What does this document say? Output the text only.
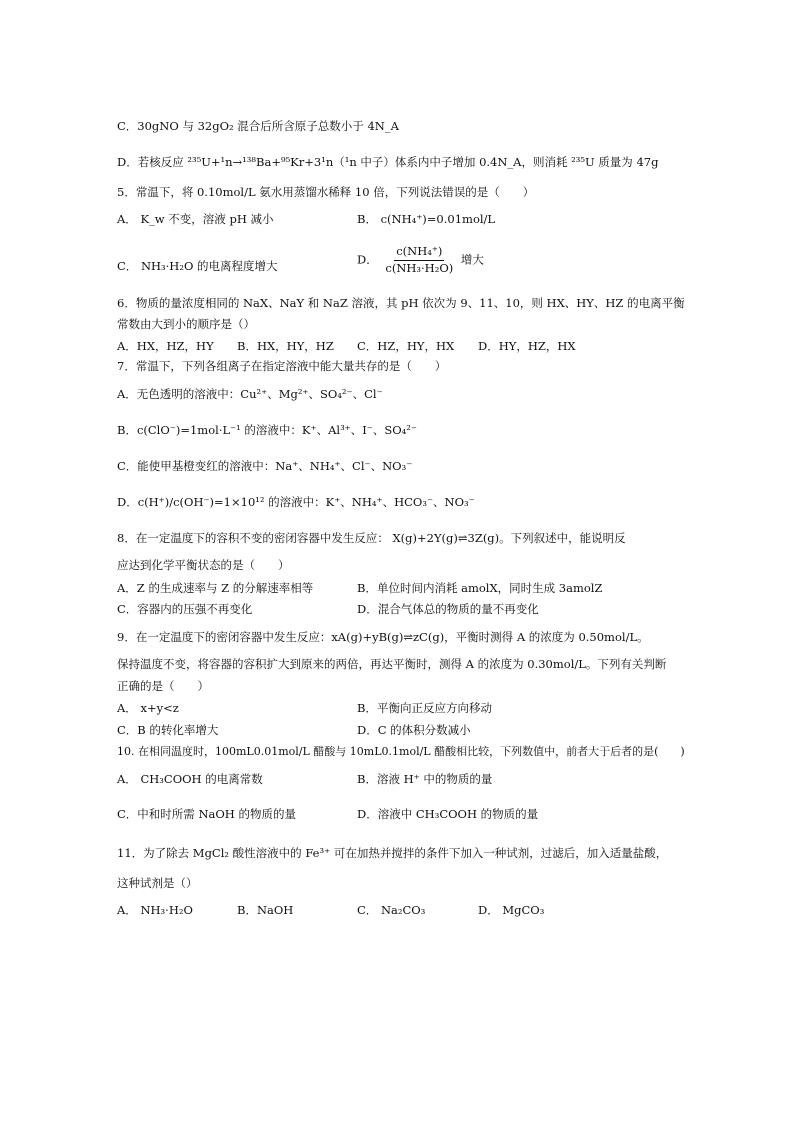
C．30gNO 与 32gO₂ 混合后所含原子总数小于 4N_A
D．若核反应 ²³⁵U+¹n→¹³⁸Ba+⁹⁵Kr+3¹n（¹n 中子）体系内中子增加 0.4N_A，则消耗 ²³⁵U 质量为 47g
5．常温下，将 0.10mol/L 氨水用蒸馏水稀释 10 倍，下列说法错误的是（　　）
A． K_w 不变，溶液 pH 减小	B． c(NH₄⁺)=0.01mol/L
C． NH₃·H₂O 的电离程度增大	D． $\frac{\text{c(NH₄⁺)}}{\text{c(NH₃·H₂O)}}$ 增大
6．物质的量浓度相同的 NaX、NaY 和 NaZ 溶液，其 pH 依次为 9、11、10，则 HX、HY、HZ 的电离平衡
常数由大到小的顺序是（）
A．HX，HZ，HY B．HX，HY，HZ C．HZ，HY，HX D．HY，HZ，HX
7．常温下，下列各组离子在指定溶液中能大量共存的是（　　）
A．无色透明的溶液中：Cu²⁺、Mg²⁺、SO₄²⁻、Cl⁻
B．c(ClO⁻)=1mol·L⁻¹ 的溶液中：K⁺、Al³⁺、I⁻、SO₄²⁻
C．能使甲基橙变红的溶液中：Na⁺、NH₄⁺、Cl⁻、NO₃⁻
D．c(H⁺)/c(OH⁻)=1×10¹² 的溶液中：K⁺、NH₄⁺、HCO₃⁻、NO₃⁻
8．在一定温度下的容积不变的密闭容器中发生反应： X(g)+2Y(g)⇌3Z(g)。下列叙述中，能说明反
应达到化学平衡状态的是（　　）
A．Z 的生成速率与 Z 的分解速率相等	B．单位时间内消耗 amolX，同时生成 3amolZ
C．容器内的压强不再变化	D．混合气体总的物质的量不再变化
9．在一定温度下的密闭容器中发生反应：xA(g)+yB(g)⇌zC(g)，平衡时测得 A 的浓度为 0.50mol/L。
保持温度不变，将容器的容积扩大到原来的两倍，再达平衡时，测得 A 的浓度为 0.30mol/L。下列有关判断
正确的是（　　）
A． x+y<z	B．平衡向正反应方向移动
C．B 的转化率增大	D．C 的体积分数减小
10. 在相同温度时，100mL0.01mol/L 醋酸与 10mL0.1mol/L 醋酸相比较，下列数值中，前者大于后者的是(　　)
A． CH₃COOH 的电离常数	B．溶液 H⁺ 中的物质的量
C．中和时所需 NaOH 的物质的量	D．溶液中 CH₃COOH 的物质的量
11．为了除去 MgCl₂ 酸性溶液中的 Fe³⁺ 可在加热并搅拌的条件下加入一种试剂，过滤后，加入适量盐酸，
这种试剂是（）
A． NH₃·H₂O	B．NaOH	C． Na₂CO₃	D． MgCO₃
